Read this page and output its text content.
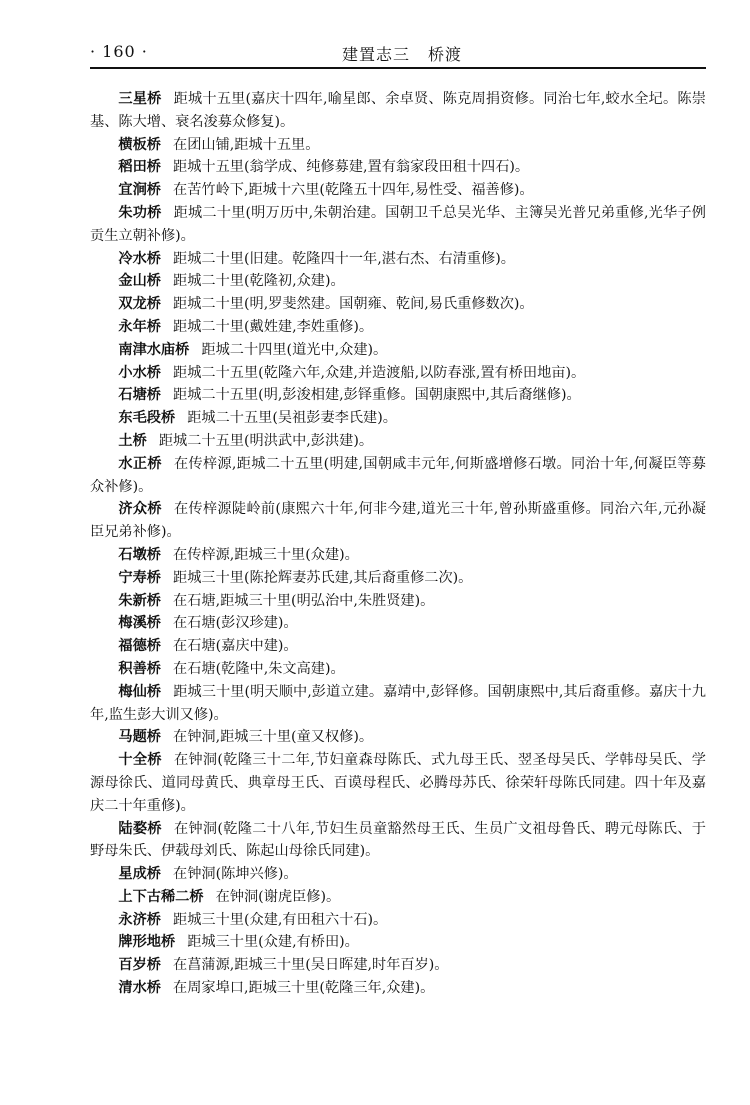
· 160 ·	建置志三 桥渡

三星桥 距城十五里(嘉庆十四年,喻星郎、余卓贤、陈克周捐资修。同治七年,蛟水全圮。陈崇基、陈大增、衰名浚募众修复)。

横板桥 在团山铺,距城十五里。

稻田桥 距城十五里(翁学成、纯修募建,置有翁家段田租十四石)。

宜涧桥 在苦竹岭下,距城十六里(乾隆五十四年,易性受、福善修)。

朱功桥 距城二十里(明万历中,朱朝治建。国朝卫千总吴光华、主簿吴光普兄弟重修,光华子例贡生立朝补修)。

冷水桥 距城二十里(旧建。乾隆四十一年,湛右杰、右清重修)。

金山桥 距城二十里(乾隆初,众建)。

双龙桥 距城二十里(明,罗斐然建。国朝雍、乾间,易氏重修数次)。

永年桥 距城二十里(戴姓建,李姓重修)。

南津水庙桥 距城二十四里(道光中,众建)。

小水桥 距城二十五里(乾隆六年,众建,并造渡船,以防春涨,置有桥田地亩)。

石塘桥 距城二十五里(明,彭浚相建,彭铎重修。国朝康熙中,其后裔继修)。

东毛段桥 距城二十五里(吴祖彭妻李氏建)。

土桥 距城二十五里(明洪武中,彭洪建)。

水正桥 在传梓源,距城二十五里(明建,国朝咸丰元年,何斯盛增修石墩。同治十年,何凝臣等募众补修)。

济众桥 在传梓源陡岭前(康熙六十年,何非今建,道光三十年,曾孙斯盛重修。同治六年,元孙凝臣兄弟补修)。

石墩桥 在传梓源,距城三十里(众建)。

宁寿桥 距城三十里(陈抡辉妻苏氏建,其后裔重修二次)。

朱新桥 在石塘,距城三十里(明弘治中,朱胜贤建)。

梅溪桥 在石塘(彭汉珍建)。

福德桥 在石塘(嘉庆中建)。

积善桥 在石塘(乾隆中,朱文高建)。

梅仙桥 距城三十里(明天顺中,彭道立建。嘉靖中,彭铎修。国朝康熙中,其后裔重修。嘉庆十九年,监生彭大训又修)。

马题桥 在钟洞,距城三十里(童又权修)。

十全桥 在钟洞(乾隆三十二年,节妇童森母陈氏、式九母王氏、翌圣母吴氏、学韩母吴氏、学源母徐氏、道同母黄氏、典章母王氏、百谟母程氏、必腾母苏氏、徐荣轩母陈氏同建。四十年及嘉庆二十年重修)。

陆婺桥 在钟洞(乾隆二十八年,节妇生员童豁然母王氏、生员广文祖母鲁氏、聘元母陈氏、于野母朱氏、伊载母刘氏、陈起山母徐氏同建)。

星成桥 在钟洞(陈坤兴修)。

上下古稀二桥 在钟洞(谢虎臣修)。

永济桥 距城三十里(众建,有田租六十石)。

牌形地桥 距城三十里(众建,有桥田)。

百岁桥 在菖蒲源,距城三十里(吴日晖建,时年百岁)。

清水桥 在周家埠口,距城三十里(乾隆三年,众建)。
